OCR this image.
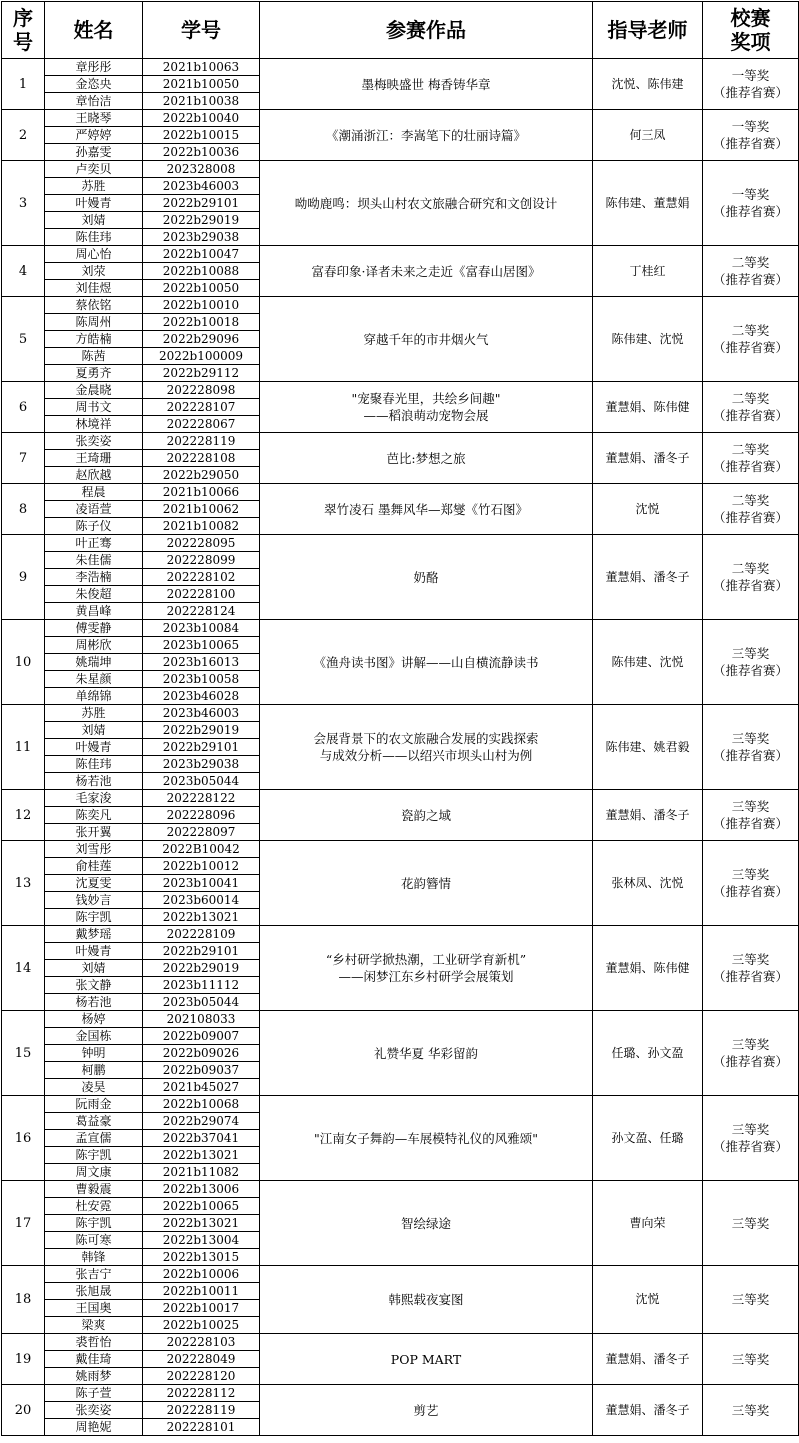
序号	姓名	学号	参赛作品	指导老师	校赛奖项
1	章彤彤	2021b10063	墨梅映盛世 梅香铸华章	沈悦、陈伟建	一等奖
（推荐省赛）

	金恣央	2021b10050			
	章怡洁	2021b10038			
2	王晓琴	2022b10040	《潮涌浙江：李嵩笔下的壮丽诗篇》	何三凤	一等奖
（推荐省赛）

	严婷婷	2022b10015			
	孙嘉雯	2022b10036			
3	卢奕贝	202328008	呦呦鹿鸣：坝头山村农文旅融合研究和文创设计	陈伟建、董慧娟	一等奖
（推荐省赛）

	苏胜	2023b46003			
	叶嫚青	2022b29101			
	刘婧	2022b29019			
	陈佳玮	2023b29038			
4	周心怡	2022b10047	富春印象·译者未来之走近《富春山居图》	丁桂红	二等奖
（推荐省赛）

	刘荥	2022b10088			
	刘佳煜	2022b10050			
5	蔡依铭	2022b10010	穿越千年的市井烟火气	陈伟建、沈悦	二等奖
（推荐省赛）

	陈周州	2022b10018			
	方皓楠	2022b29096			
	陈茜	2022b100009			
	夏勇齐	2022b29112			
6	金晨晓	202228098	"宠聚春光里，共绘乡间趣"
——稻浪萌动宠物会展	董慧娟、陈伟健	二等奖
（推荐省赛）

	周书文	202228107			
	林境祥	202228067			
7	张奕姿	202228119	芭比:梦想之旅	董慧娟、潘冬子	二等奖
（推荐省赛）

	王琦珊	202228108			
	赵欣越	2022b29050			
8	程晨	2021b10066	翠竹凌石 墨舞风华—郑燮《竹石图》	沈悦	二等奖
（推荐省赛）

	凌语萱	2021b10062			
	陈子仪	2021b10082			
9	叶正骞	202228095	奶酪	董慧娟、潘冬子	二等奖
（推荐省赛）

	朱佳儒	202228099			
	李浩楠	202228102			
	朱俊超	202228100			
	黄昌峰	202228124			
10	傅雯静	2023b10084	《渔舟读书图》讲解——山自横流静读书	陈伟建、沈悦	三等奖
（推荐省赛）

	周彬欣	2023b10065			
	姚瑞坤	2023b16013			
	朱星颜	2023b10058			
	单绵锦	2023b46028			
11	苏胜	2023b46003	会展背景下的农文旅融合发展的实践探索
与成效分析——以绍兴市坝头山村为例	陈伟建、姚君毅	三等奖
（推荐省赛）

	刘婧	2022b29019			
	叶嫚青	2022b29101			
	陈佳玮	2023b29038			
	杨若池	2023b05044			
12	毛家浚	202228122	瓷韵之域	董慧娟、潘冬子	三等奖
（推荐省赛）

	陈奕凡	202228096			
	张开翼	202228097			
13	刘雪彤	2022B10042	花韵簪情	张林凤、沈悦	三等奖
（推荐省赛）

	俞桂莲	2022b10012			
	沈夏雯	2023b10041			
	钱妙言	2023b60014			
	陈宇凯	2022b13021			
14	戴梦瑶	202228109	“乡村研学掀热潮，工业研学育新机”
——闲梦江东乡村研学会展策划	董慧娟、陈伟健	三等奖
（推荐省赛）

	叶嫚青	2022b29101			
	刘婧	2022b29019			
	张文静	2023b11112			
	杨若池	2023b05044			
15	杨婷	202108033	礼赞华夏 华彩留韵	任璐、孙文盈	三等奖
（推荐省赛）

	金国栋	2022b09007			
	钟明	2022b09026			
	柯鹏	2022b09037			
	凌昊	2021b45027			
16	阮雨金	2022b10068	"江南女子舞韵—车展模特礼仪的风雅颂"	孙文盈、任璐	三等奖
（推荐省赛）

	葛益豪	2022b29074			
	孟宣儒	2022b37041			
	陈宇凯	2022b13021			
	周文康	2021b11082			
17	曹毅震	2022b13006	智绘绿途	曹向荣	三等奖

	杜安霓	2022b10065			
	陈宇凯	2022b13021			
	陈可寒	2022b13004			
	韩锋	2022b13015			
18	张吉宁	2022b10006	韩熙载夜宴图	沈悦	三等奖

	张旭晟	2022b10011			
	王国奥	2022b10017			
	梁爽	2022b10025			
19	裘哲怡	202228103	POP MART	董慧娟、潘冬子	三等奖

	戴佳琦	202228049			
	姚雨梦	202228120			
20	陈子萱	202228112	剪艺	董慧娟、潘冬子	三等奖

	张奕姿	202228119			
	周艳妮	202228101			
